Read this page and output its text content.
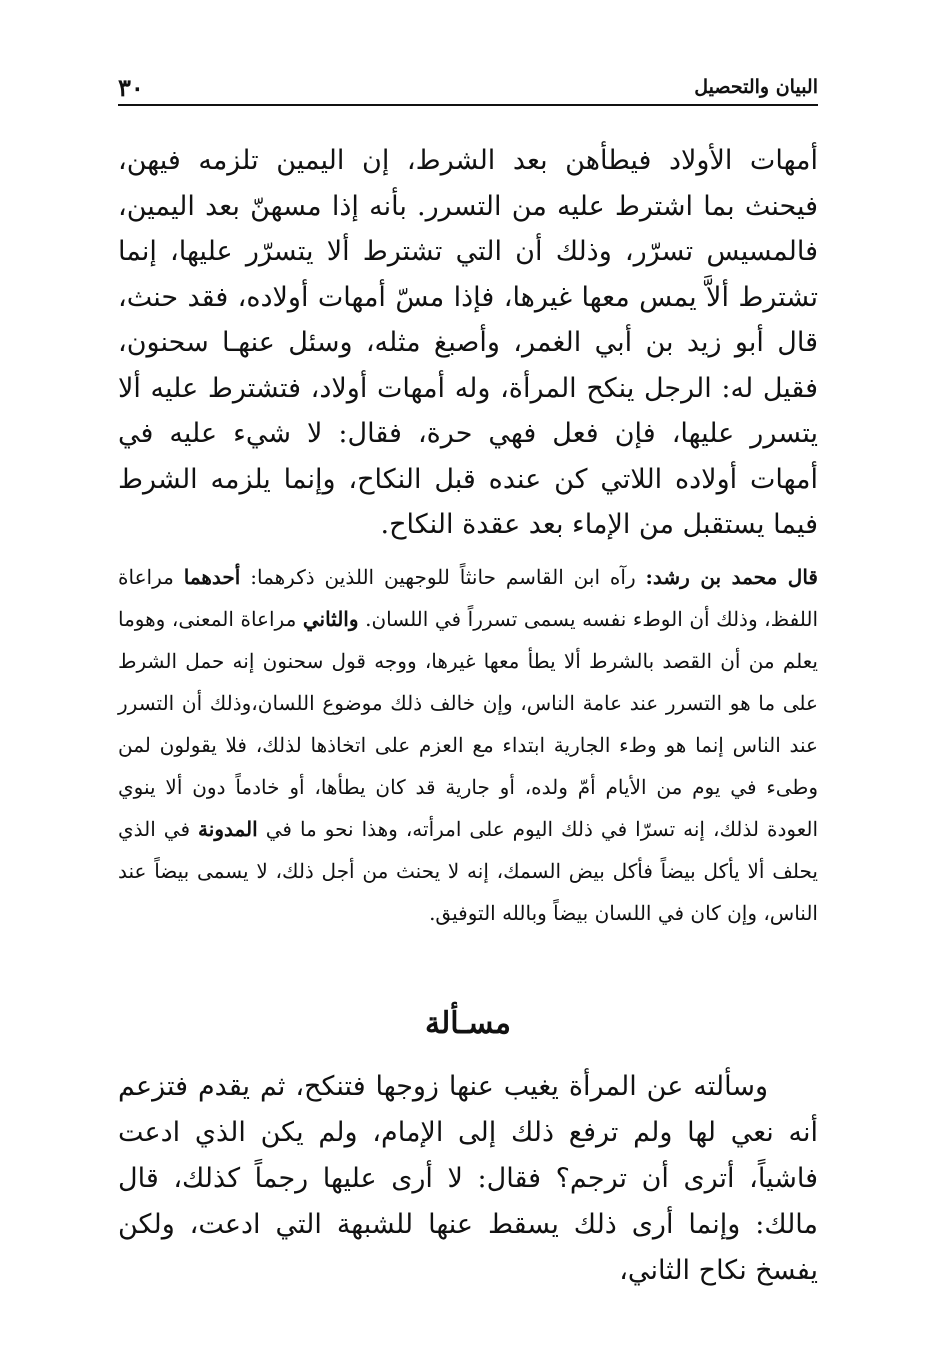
البيان والتحصيل
٣٠

أمهات الأولاد فيطأهن بعد الشرط، إن اليمين تلزمه فيهن، فيحنث بما اشترط عليه من التسرر. بأنه إذا مسهنّ بعد اليمين، فالمسيس تسرّر، وذلك أن التي تشترط ألا يتسرّر عليها، إنما تشترط ألاَّ يمس معها غيرها، فإذا مسّ أمهات أولاده، فقد حنث، قال أبو زيد بن أبي الغمر، وأصبغ مثله، وسئل عنهـا سحنون، فقيل له: الرجل ينكح المرأة، وله أمهات أولاد، فتشترط عليه ألا يتسرر عليها، فإن فعل فهي حرة، فقال: لا شيء عليه في أمهات أولاده اللاتي كن عنده قبل النكاح، وإنما يلزمه الشرط فيما يستقبل من الإماء بعد عقدة النكاح.

قال محمد بن رشد: رآه ابن القاسم حانثاً للوجهين اللذين ذكرهما: أحدهما مراعاة اللفظ، وذلك أن الوطء نفسه يسمى تسرراً في اللسان. والثاني مراعاة المعنى، وهوما يعلم من أن القصد بالشرط ألا يطأ معها غيرها، ووجه قول سحنون إنه حمل الشرط على ما هو التسرر عند عامة الناس، وإن خالف ذلك موضوع اللسان،وذلك أن التسرر عند الناس إنما هو وطء الجارية ابتداء مع العزم على اتخاذها لذلك، فلا يقولون لمن وطىء في يوم من الأيام أمّ ولده، أو جارية قد كان يطأها، أو خادماً دون ألا ينوي العودة لذلك، إنه تسرّا في ذلك اليوم على امرأته، وهذا نحو ما في المدونة في الذي يحلف ألا يأكل بيضاً فأكل بيض السمك، إنه لا يحنث من أجل ذلك، لا يسمى بيضاً عند الناس، وإن كان في اللسان بيضاً وبالله التوفيق.

مسـألة

وسألته عن المرأة يغيب عنها زوجها فتنكح، ثم يقدم فتزعم أنه نعي لها ولم ترفع ذلك إلى الإمام، ولم يكن الذي ادعت فاشياً، أترى أن ترجم؟ فقال: لا أرى عليها رجماً كذلك، قال مالك: وإنما أرى ذلك يسقط عنها للشبهة التي ادعت، ولكن يفسخ نكاح الثاني،
